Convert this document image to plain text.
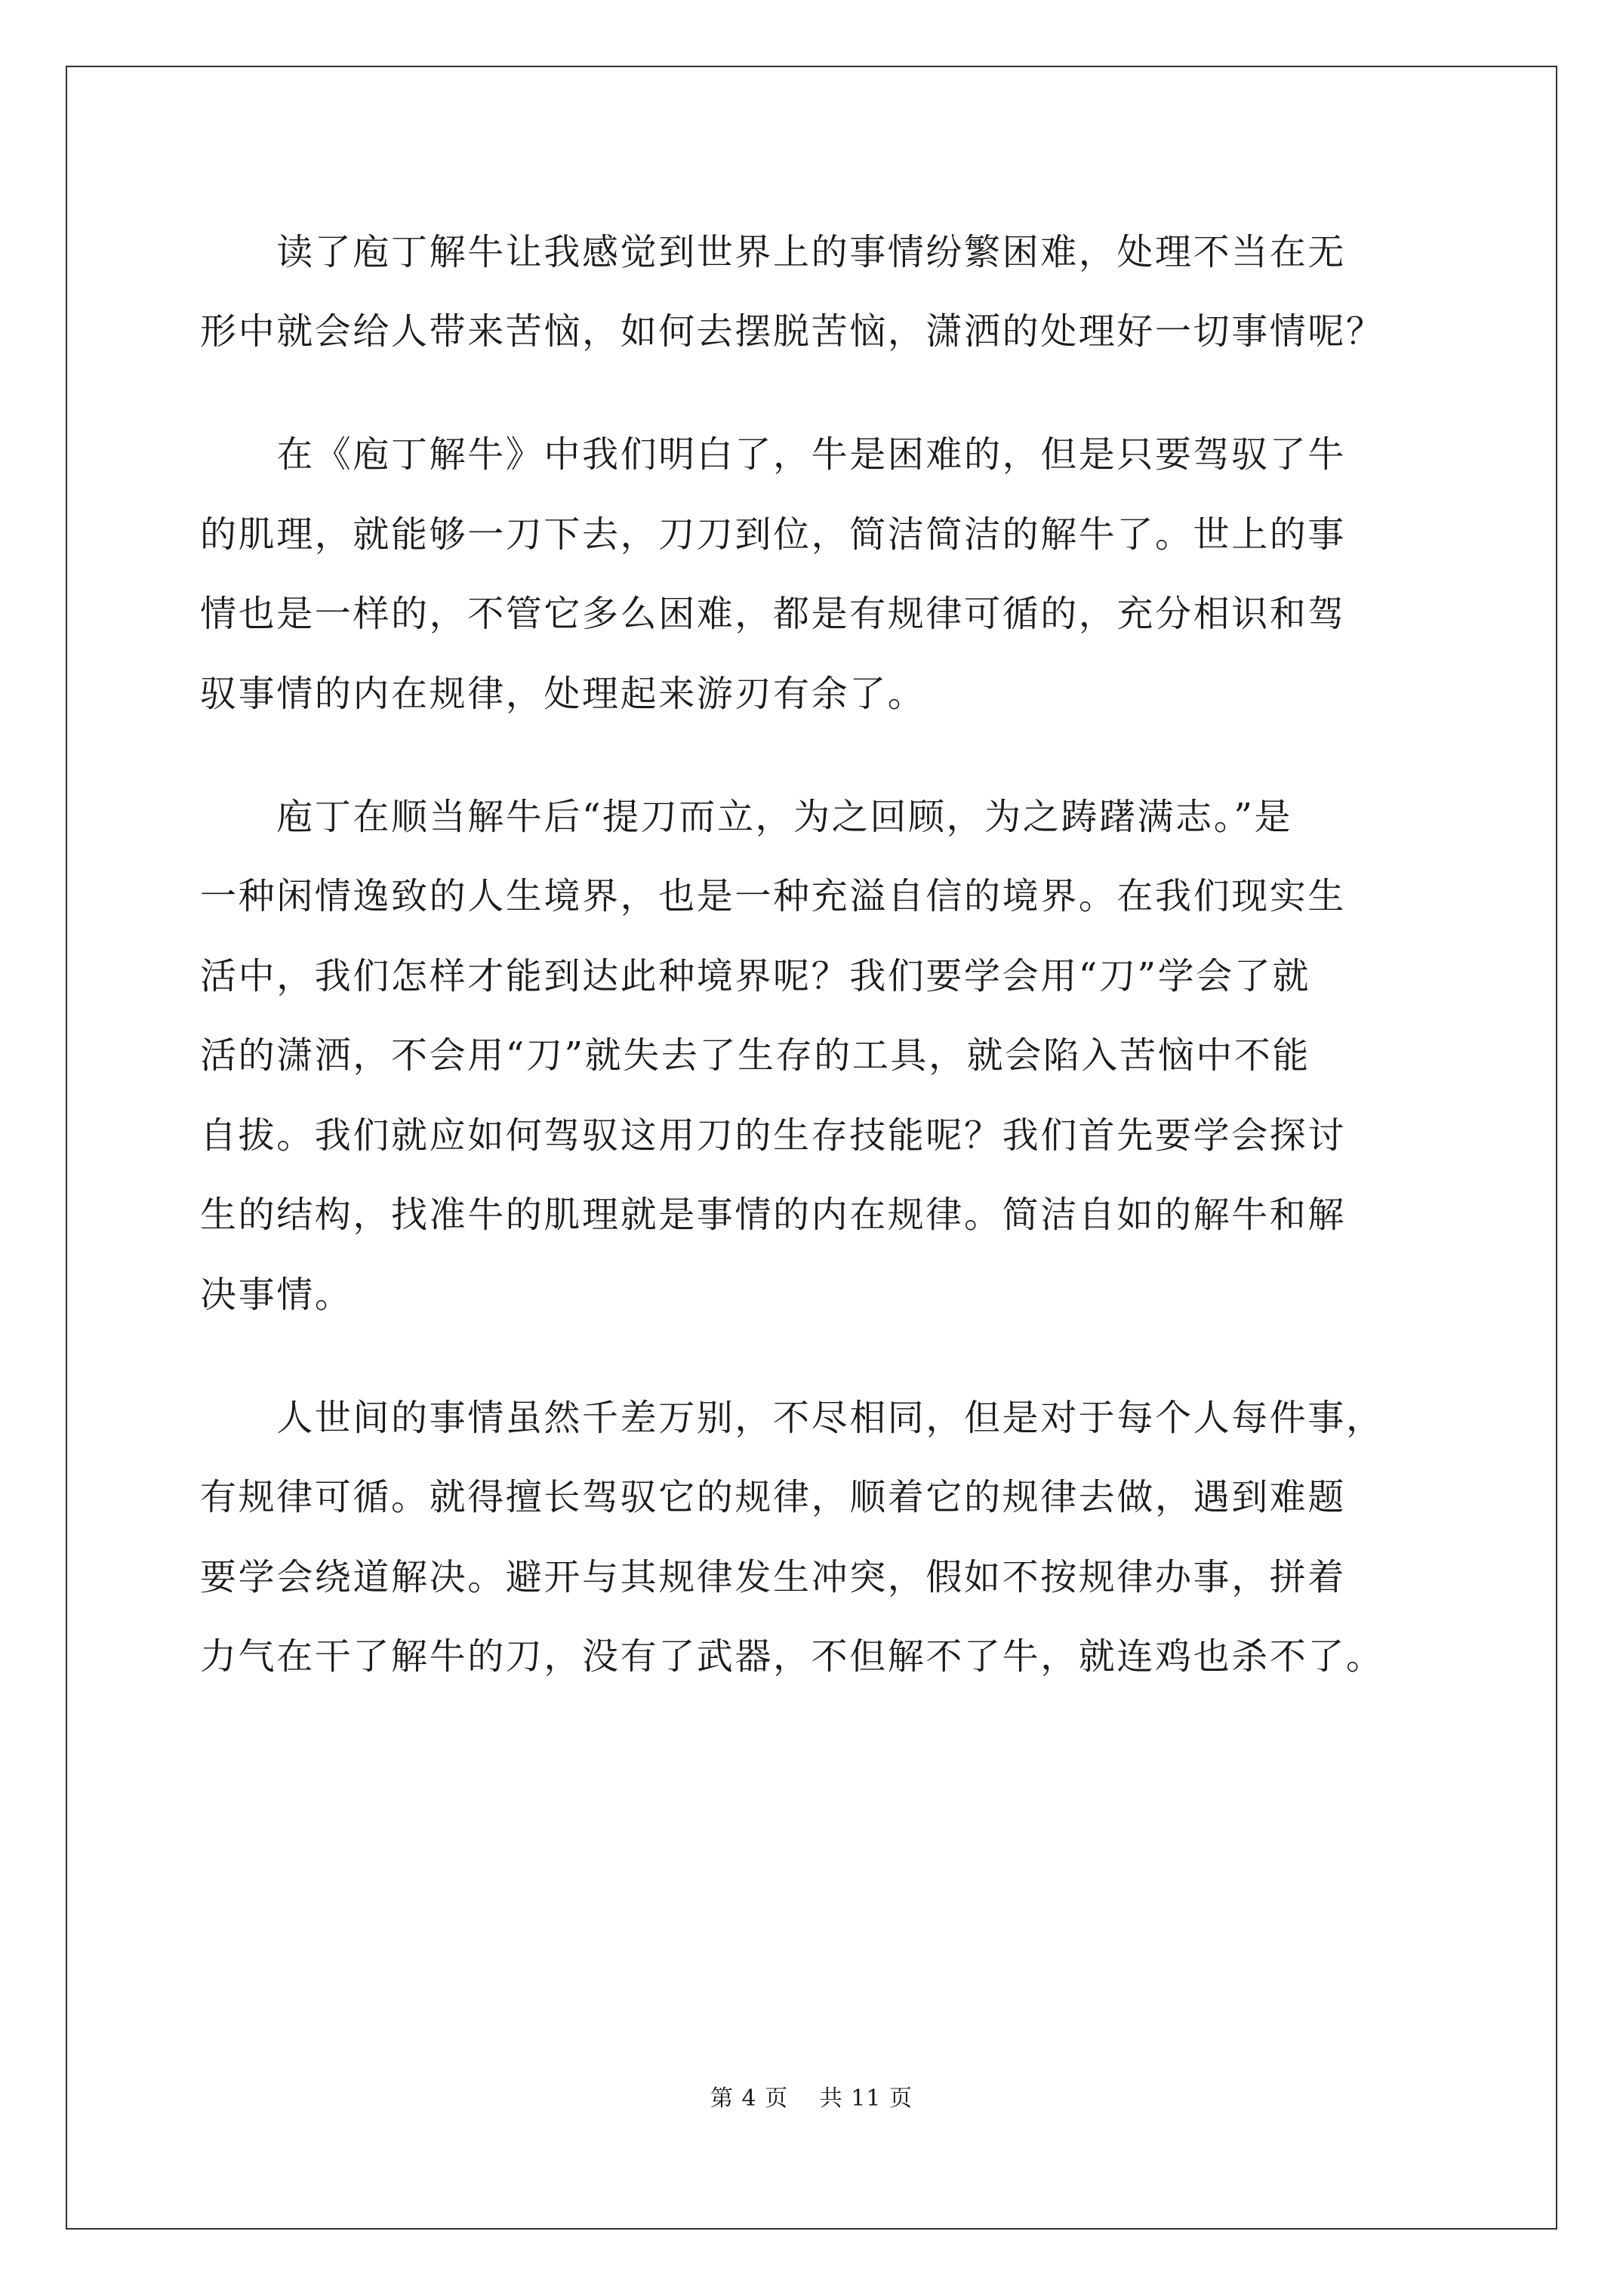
　　读了庖丁解牛让我感觉到世界上的事情纷繁困难，处理不当在无
形中就会给人带来苦恼，如何去摆脱苦恼，潇洒的处理好一切事情呢？
　　在《庖丁解牛》中我们明白了，牛是困难的，但是只要驾驭了牛
的肌理，就能够一刀下去，刀刀到位，简洁简洁的解牛了。世上的事
情也是一样的，不管它多么困难，都是有规律可循的，充分相识和驾
驭事情的内在规律，处理起来游刃有余了。
　　庖丁在顺当解牛后“提刀而立，为之回顾，为之踌躇满志。”是
一种闲情逸致的人生境界，也是一种充溢自信的境界。在我们现实生
活中，我们怎样才能到达此种境界呢？我们要学会用“刀”学会了就
活的潇洒，不会用“刀”就失去了生存的工具，就会陷入苦恼中不能
自拔。我们就应如何驾驭这用刀的生存技能呢？我们首先要学会探讨
生的结构，找准牛的肌理就是事情的内在规律。简洁自如的解牛和解
决事情。
　　人世间的事情虽然千差万别，不尽相同，但是对于每个人每件事，
有规律可循。就得擅长驾驭它的规律，顺着它的规律去做，遇到难题
要学会绕道解决。避开与其规律发生冲突，假如不按规律办事，拼着
力气在干了解牛的刀，没有了武器，不但解不了牛，就连鸡也杀不了。
第 4 页　 共 11 页
